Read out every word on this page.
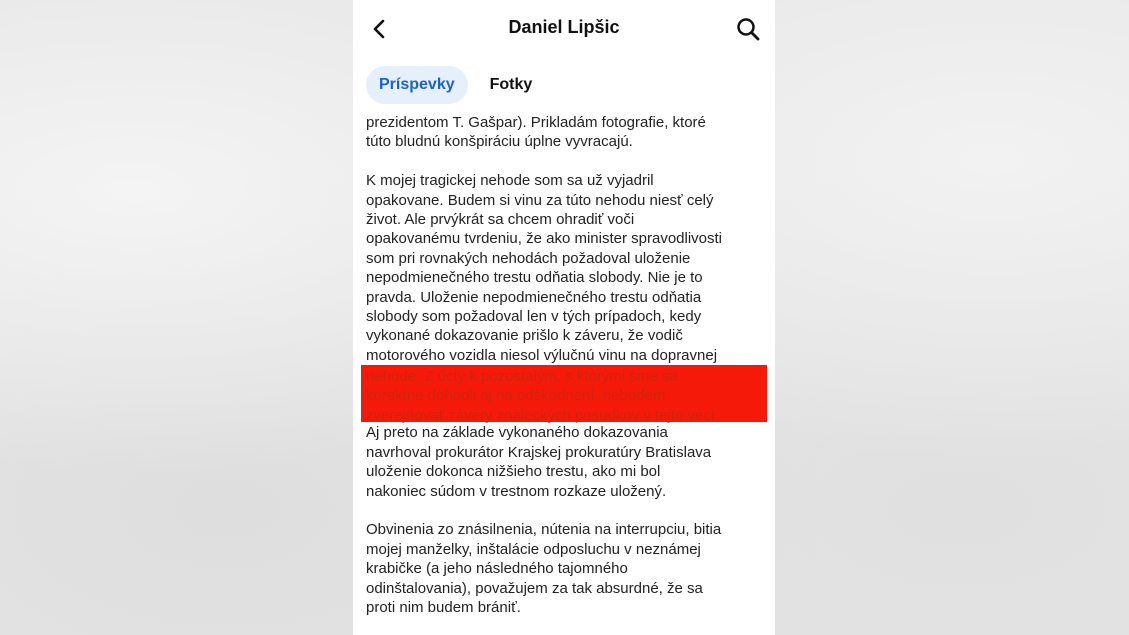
Daniel Lipšic
Príspevky	Fotky

prezidentom T. Gašpar). Prikladám fotografie, ktoré

túto bludnú konšpiráciu úplne vyvracajú.

K mojej tragickej nehode som sa už vyjadril

opakovane. Budem si vinu za túto nehodu niesť celý

život. Ale prvýkrát sa chcem ohradiť voči

opakovanému tvrdeniu, že ako minister spravodlivosti

som pri rovnakých nehodách požadoval uloženie

nepodmienečného trestu odňatia slobody. Nie je to

pravda. Uloženie nepodmienečného trestu odňatia

slobody som požadoval len v tých prípadoch, kedy

vykonané dokazovanie prišlo k záveru, že vodič

motorového vozidla niesol výlučnú vinu na dopravnej

Aj preto na základe vykonaného dokazovania

navrhoval prokurátor Krajskej prokuratúry Bratislava

uloženie dokonca nižšieho trestu, ako mi bol

nakoniec súdom v trestnom rozkaze uložený.

Obvinenia zo znásilnenia, nútenia na interrupciu, bitia

mojej manželky, inštalácie odposluchu v neznámej

krabičke (a jeho následného tajomného

odinštalovania), považujem za tak absurdné, že sa

proti nim budem brániť.

nehode. Z úcty k pozostalým, s ktorými sme sa
korektne dohodli aj na odškodnení, nebudem
zverejňovať závery znaleckých posudkov v tejto veci.
